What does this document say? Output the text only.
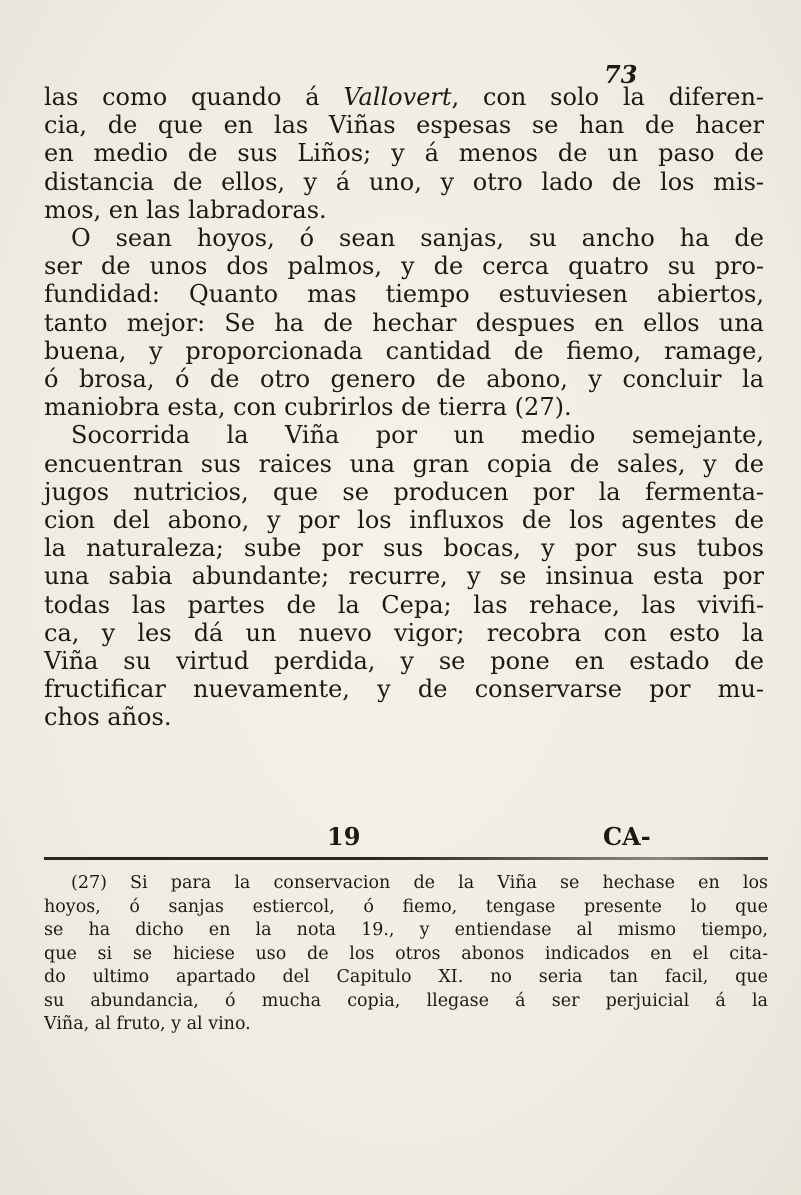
73
las como quando á Vallovert, con solo la diferen-
cia, de que en las Viñas espesas se han de hacer
en medio de sus Liños; y á menos de un paso de
distancia de ellos, y á uno, y otro lado de los mis-
mos, en las labradoras.
O sean hoyos, ó sean sanjas, su ancho ha de
ser de unos dos palmos, y de cerca quatro su pro-
fundidad: Quanto mas tiempo estuviesen abiertos,
tanto mejor: Se ha de hechar despues en ellos una
buena, y proporcionada cantidad de fiemo, ramage,
ó brosa, ó de otro genero de abono, y concluir la
maniobra esta, con cubrirlos de tierra (27).
Socorrida la Viña por un medio semejante,
encuentran sus raices una gran copia de sales, y de
jugos nutricios, que se producen por la fermenta-
cion del abono, y por los influxos de los agentes de
la naturaleza; sube por sus bocas, y por sus tubos
una sabia abundante; recurre, y se insinua esta por
todas las partes de la Cepa; las rehace, las vivifi-
ca, y les dá un nuevo vigor; recobra con esto la
Viña su virtud perdida, y se pone en estado de
fructificar nuevamente, y de conservarse por mu-
chos años.
19	CA-
(27) Si para la conservacion de la Viña se hechase en los
hoyos, ó sanjas estiercol, ó fiemo, tengase presente lo que
se ha dicho en la nota 19., y entiendase al mismo tiempo,
que si se hiciese uso de los otros abonos indicados en el cita-
do ultimo apartado del Capitulo XI. no seria tan facil, que
su abundancia, ó mucha copia, llegase á ser perjuicial á la
Viña, al fruto, y al vino.
